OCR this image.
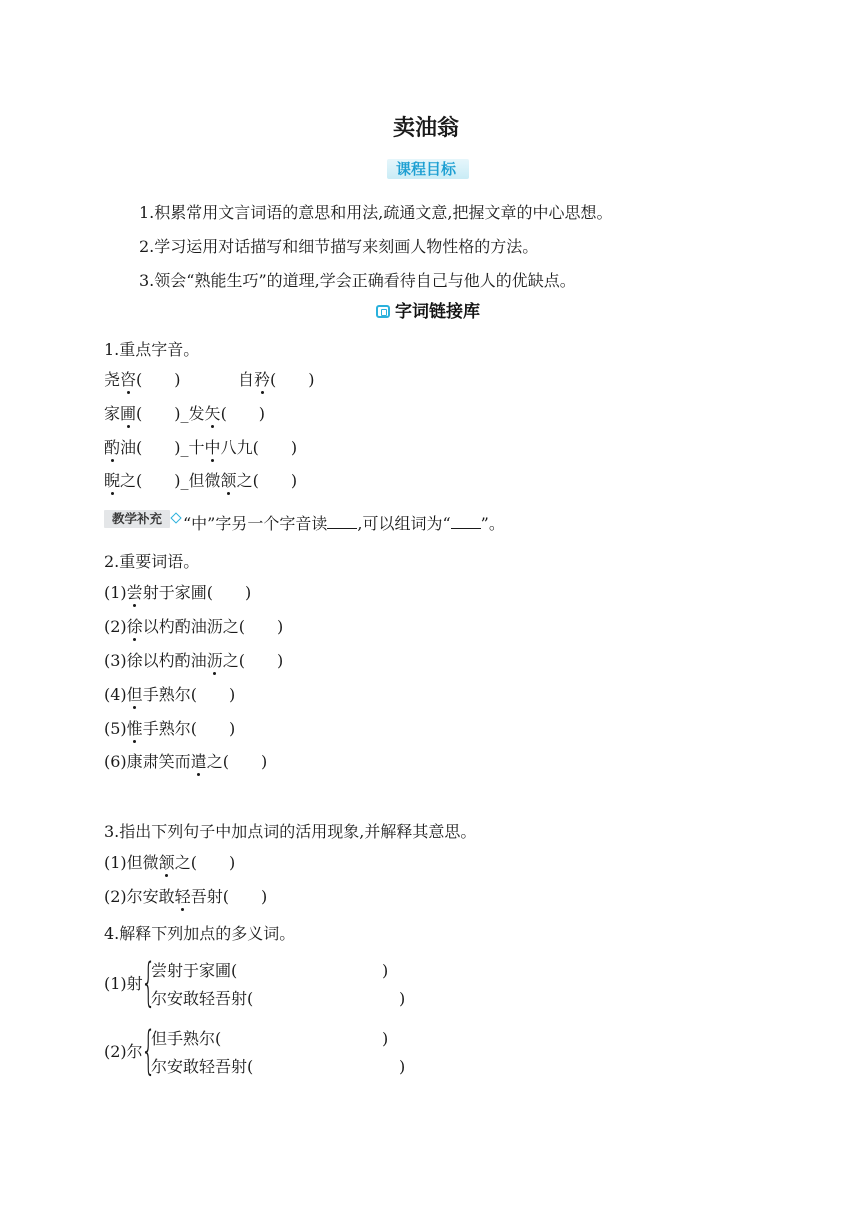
卖油翁
课程目标
1.积累常用文言词语的意思和用法,疏通文意,把握文章的中心思想。
2.学习运用对话描写和细节描写来刻画人物性格的方法。
3.领会“熟能生巧”的道理,学会正确看待自己与他人的优缺点。
字词链接库
1.重点字音。
尧咨(　　)	自矜(　　)
家圃(　　)_发矢(　　)
酌油(　　)_十中八九(　　)
睨之(　　)_但微颔之(　　)
教学补充	“中”字另一个字音读 ,可以组词为“ ”。
2.重要词语。
(1)尝射于家圃(　　)
(2)徐以杓酌油沥之(　　)
(3)徐以杓酌油沥之(　　)
(4)但手熟尔(　　)
(5)惟手熟尔(　　)
(6)康肃笑而遣之(　　)
3.指出下列句子中加点词的活用现象,并解释其意思。
(1)但微颔之(　　)
(2)尔安敢轻吾射(　　)
4.解释下列加点的多义词。
(1)射
{
尝射于家圃(	)
尔安敢轻吾射(	)
(2)尔
{
但手熟尔(	)
尔安敢轻吾射(	)
